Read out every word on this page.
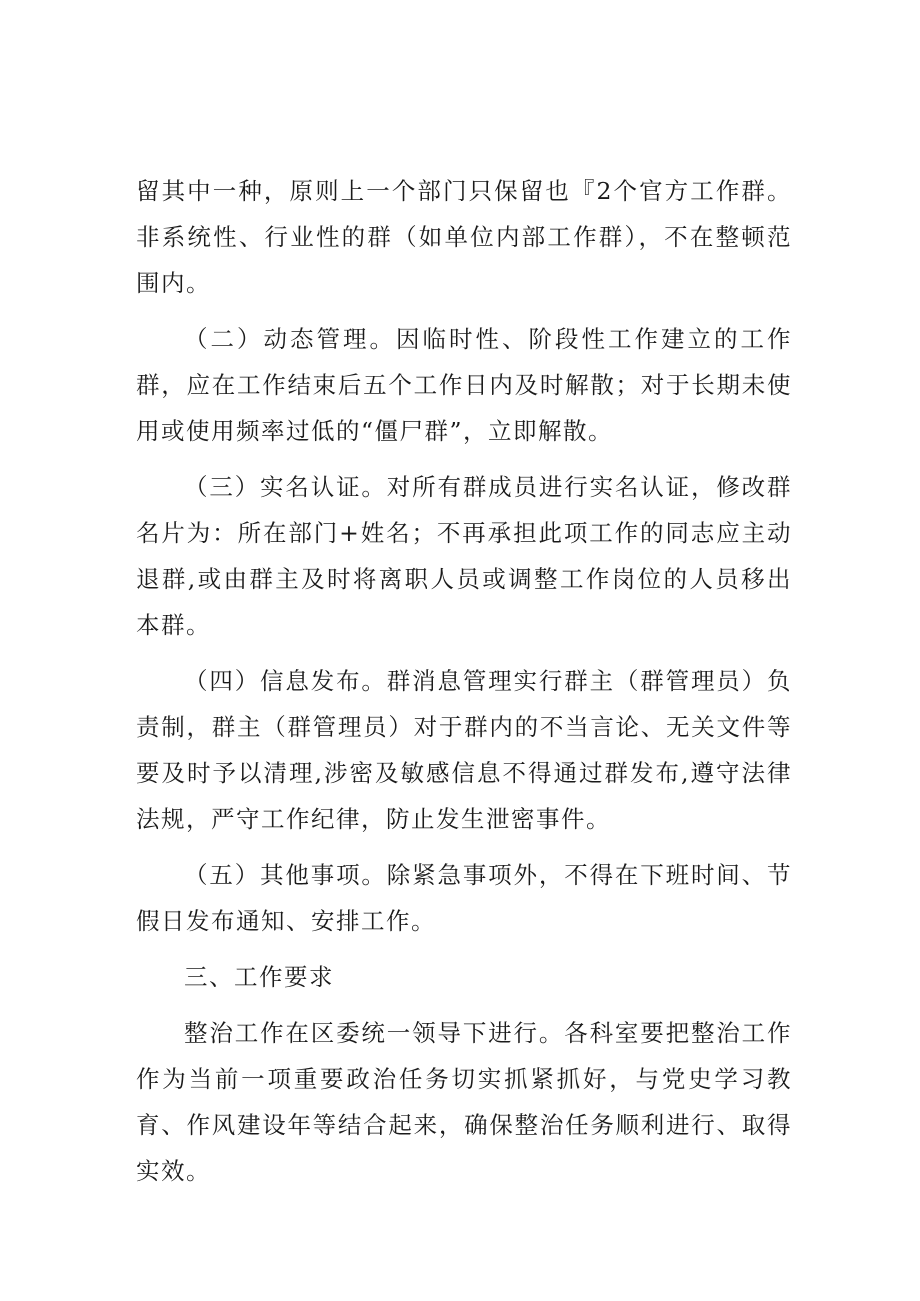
留其中一种，原则上一个部门只保留也『2个官方工作群。非系统性、行业性的群（如单位内部工作群），不在整顿范围内。

（二）动态管理。因临时性、阶段性工作建立的工作群，应在工作结束后五个工作日内及时解散；对于长期未使用或使用频率过低的“僵尸群”，立即解散。

（三）实名认证。对所有群成员进行实名认证，修改群名片为：所在部门+姓名；不再承担此项工作的同志应主动退群,或由群主及时将离职人员或调整工作岗位的人员移出本群。

（四）信息发布。群消息管理实行群主（群管理员）负责制，群主（群管理员）对于群内的不当言论、无关文件等要及时予以清理,涉密及敏感信息不得通过群发布,遵守法律法规，严守工作纪律，防止发生泄密事件。

（五）其他事项。除紧急事项外，不得在下班时间、节假日发布通知、安排工作。

三、工作要求

整治工作在区委统一领导下进行。各科室要把整治工作作为当前一项重要政治任务切实抓紧抓好，与党史学习教育、作风建设年等结合起来，确保整治任务顺利进行、取得实效。
